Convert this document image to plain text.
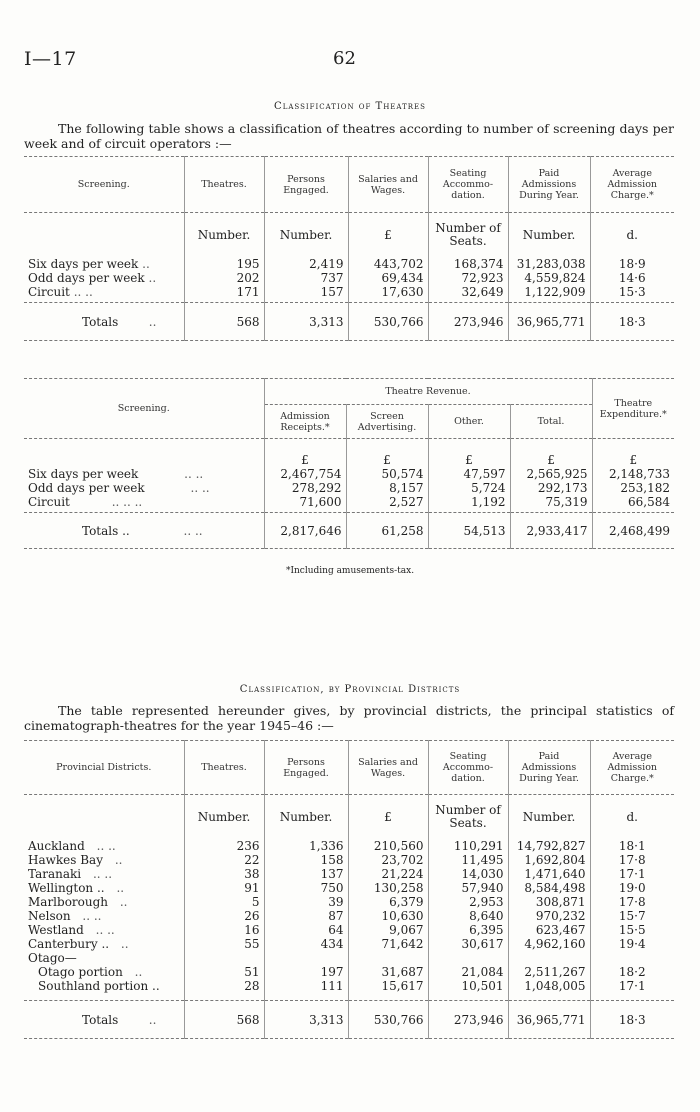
I—17	62
Classification of Theatres
The following table shows a classification of theatres according to number of screening days per week and of circuit operators :—
Screening.	Theatres.	Persons Engaged.	Salaries and Wages.	Seating Accommo-dation.	Paid Admissions During Year.	Average Admission Charge.*
	Number.	Number.	£	Number of Seats.	Number.	d.
Six days per week ..	195	2,419	443,702	168,374	31,283,038	18·9
Odd days per week ..	202	737	69,434	72,923	4,559,824	14·6
Circuit .. ..	171	157	17,630	32,649	1,122,909	15·3
Totals ..	568	3,313	530,766	273,946	36,965,771	18·3
Screening.	Theatre Revenue.				Theatre Expenditure.*
	Admission Receipts.*	Screen Advertising.	Other.	Total.	
	£	£	£	£	£
Six days per week .. ..	2,467,754	50,574	47,597	2,565,925	2,148,733
Odd days per week .. ..	278,292	8,157	5,724	292,173	253,182
Circuit .. .. ..	71,600	2,527	1,192	75,319	66,584
Totals .. .. ..	2,817,646	61,258	54,513	2,933,417	2,468,499
*Including amusements-tax.
Classification, by Provincial Districts
The table represented hereunder gives, by provincial districts, the principal statistics of cinematograph-theatres for the year 1945–46 :—
Provincial Districts.	Theatres.	Persons Engaged.	Salaries and Wages.	Seating Accommo-dation.	Paid Admissions During Year.	Average Admission Charge.*
	Number.	Number.	£	Number of Seats.	Number.	d.
Auckland .. ..	236	1,336	210,560	110,291	14,792,827	18·1
Hawkes Bay ..	22	158	23,702	11,495	1,692,804	17·8
Taranaki .. ..	38	137	21,224	14,030	1,471,640	17·1
Wellington .. ..	91	750	130,258	57,940	8,584,498	19·0
Marlborough ..	5	39	6,379	2,953	308,871	17·8
Nelson .. ..	26	87	10,630	8,640	970,232	15·7
Westland .. ..	16	64	9,067	6,395	623,467	15·5
Canterbury .. ..	55	434	71,642	30,617	4,962,160	19·4
Otago—						
Otago portion ..	51	197	31,687	21,084	2,511,267	18·2
Southland portion ..	28	111	15,617	10,501	1,048,005	17·1

Totals ..	568	3,313	530,766	273,946	36,965,771	18·3
